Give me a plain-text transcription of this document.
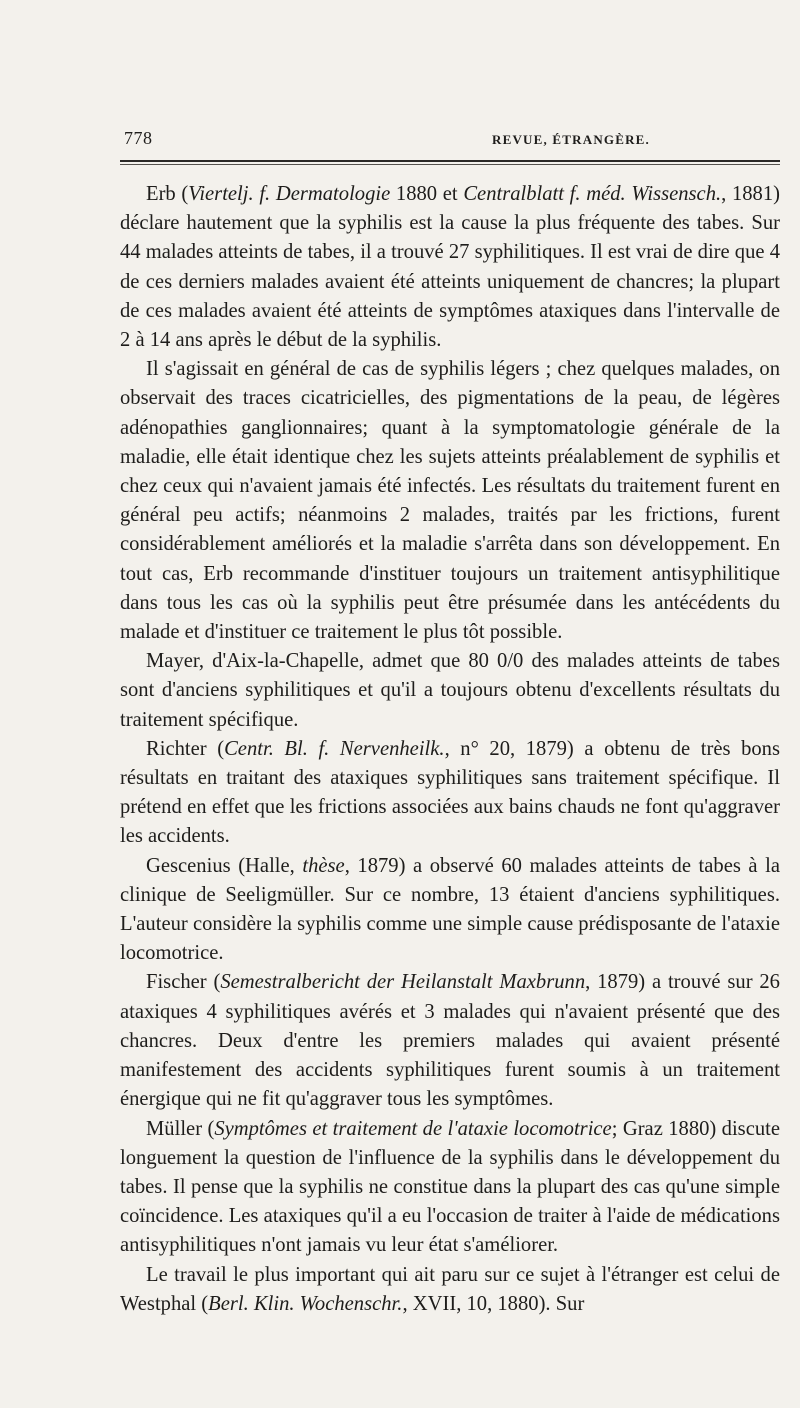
778	REVUE, ÉTRANGÈRE.

Erb (Viertelj. f. Dermatologie 1880 et Centralblatt f. méd. Wissensch., 1881) déclare hautement que la syphilis est la cause la plus fréquente des tabes. Sur 44 malades atteints de tabes, il a trouvé 27 syphilitiques. Il est vrai de dire que 4 de ces derniers malades avaient été atteints uniquement de chancres; la plupart de ces malades avaient été atteints de symptômes ataxiques dans l'intervalle de 2 à 14 ans après le début de la syphilis.

Il s'agissait en général de cas de syphilis légers ; chez quelques malades, on observait des traces cicatricielles, des pigmentations de la peau, de légères adénopathies ganglionnaires; quant à la symptomatologie générale de la maladie, elle était identique chez les sujets atteints préalablement de syphilis et chez ceux qui n'avaient jamais été infectés. Les résultats du traitement furent en général peu actifs; néanmoins 2 malades, traités par les frictions, furent considérablement améliorés et la maladie s'arrêta dans son développement. En tout cas, Erb recommande d'instituer toujours un traitement antisyphilitique dans tous les cas où la syphilis peut être présumée dans les antécédents du malade et d'instituer ce traitement le plus tôt possible.

Mayer, d'Aix-la-Chapelle, admet que 80 0/0 des malades atteints de tabes sont d'anciens syphilitiques et qu'il a toujours obtenu d'excellents résultats du traitement spécifique.

Richter (Centr. Bl. f. Nervenheilk., n° 20, 1879) a obtenu de très bons résultats en traitant des ataxiques syphilitiques sans traitement spécifique. Il prétend en effet que les frictions associées aux bains chauds ne font qu'aggraver les accidents.

Gescenius (Halle, thèse, 1879) a observé 60 malades atteints de tabes à la clinique de Seeligmüller. Sur ce nombre, 13 étaient d'anciens syphilitiques. L'auteur considère la syphilis comme une simple cause prédisposante de l'ataxie locomotrice.

Fischer (Semestralbericht der Heilanstalt Maxbrunn, 1879) a trouvé sur 26 ataxiques 4 syphilitiques avérés et 3 malades qui n'avaient présenté que des chancres. Deux d'entre les premiers malades qui avaient présenté manifestement des accidents syphilitiques furent soumis à un traitement énergique qui ne fit qu'aggraver tous les symptômes.

Müller (Symptômes et traitement de l'ataxie locomotrice; Graz 1880) discute longuement la question de l'influence de la syphilis dans le développement du tabes. Il pense que la syphilis ne constitue dans la plupart des cas qu'une simple coïncidence. Les ataxiques qu'il a eu l'occasion de traiter à l'aide de médications antisyphilitiques n'ont jamais vu leur état s'améliorer.

Le travail le plus important qui ait paru sur ce sujet à l'étranger est celui de Westphal (Berl. Klin. Wochenschr., XVII, 10, 1880). Sur
